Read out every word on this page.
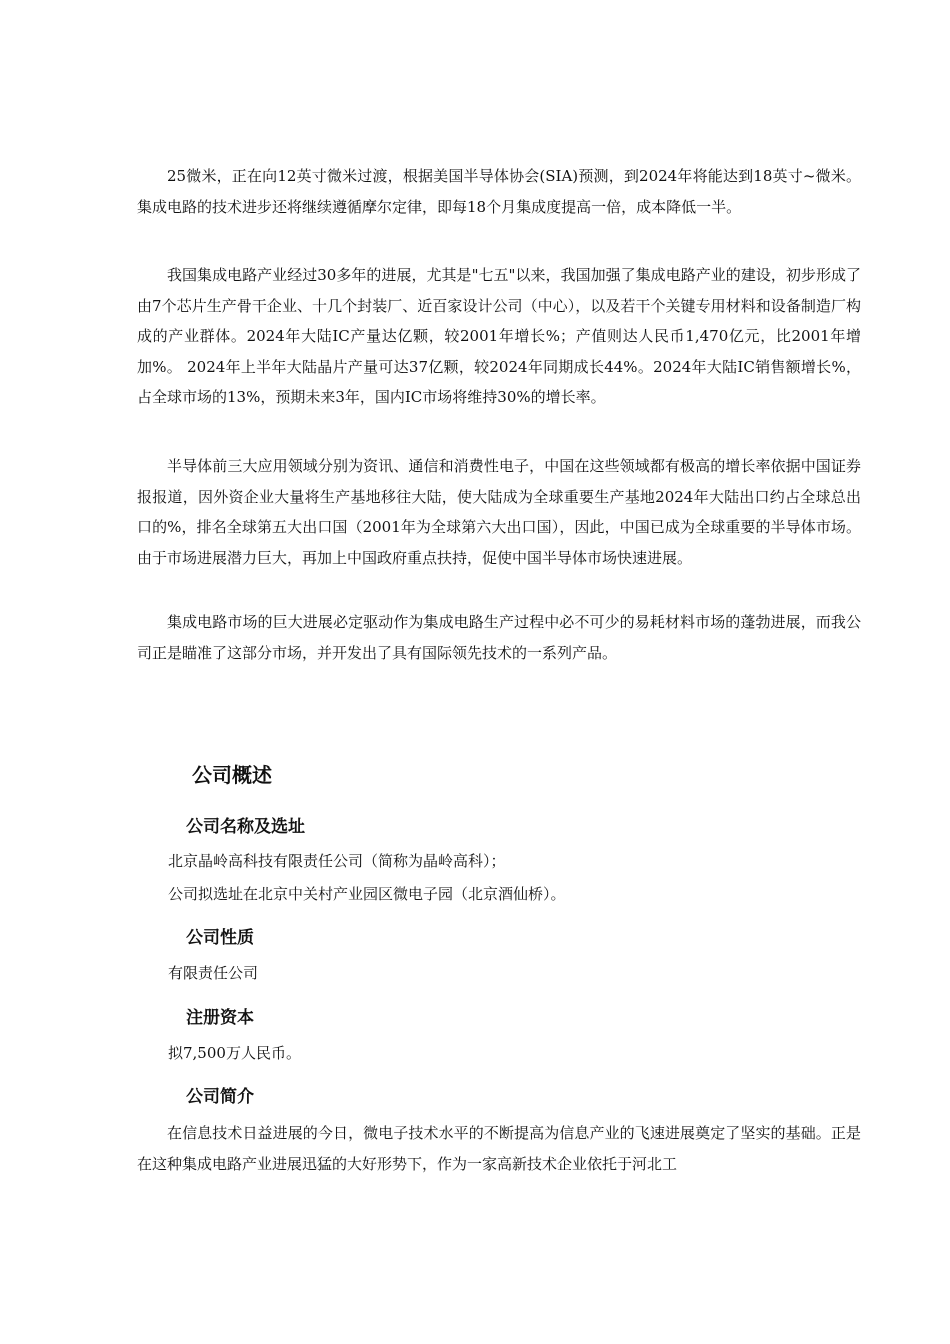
25微米，正在向12英寸微米过渡，根据美国半导体协会(SIA)预测，到2024年将能达到18英寸~微米。集成电路的技术进步还将继续遵循摩尔定律，即每18个月集成度提高一倍，成本降低一半。

我国集成电路产业经过30多年的进展，尤其是"七五"以来，我国加强了集成电路产业的建设，初步形成了由7个芯片生产骨干企业、十几个封装厂、近百家设计公司（中心），以及若干个关键专用材料和设备制造厂构成的产业群体。2024年大陆IC产量达亿颗，较2001年增长%；产值则达人民币1,470亿元，比2001年增加%。 2024年上半年大陆晶片产量可达37亿颗，较2024年同期成长44%。2024年大陆IC销售额增长%，占全球市场的13%，预期未来3年，国内IC市场将维持30%的增长率。

半导体前三大应用领域分别为资讯、通信和消费性电子，中国在这些领域都有极高的增长率依据中国证券报报道，因外资企业大量将生产基地移往大陆，使大陆成为全球重要生产基地2024年大陆出口约占全球总出口的%，排名全球第五大出口国（2001年为全球第六大出口国），因此，中国已成为全球重要的半导体市场。由于市场进展潜力巨大，再加上中国政府重点扶持，促使中国半导体市场快速进展。

集成电路市场的巨大进展必定驱动作为集成电路生产过程中必不可少的易耗材料市场的蓬勃进展，而我公司正是瞄准了这部分市场，并开发出了具有国际领先技术的一系列产品。

公司概述
公司名称及选址

北京晶岭高科技有限责任公司（简称为晶岭高科）；

公司拟选址在北京中关村产业园区微电子园（北京酒仙桥）。

公司性质

有限责任公司

注册资本

拟7,500万人民币。

公司简介

在信息技术日益进展的今日，微电子技术水平的不断提高为信息产业的飞速进展奠定了坚实的基础。正是在这种集成电路产业进展迅猛的大好形势下，作为一家高新技术企业依托于河北工
